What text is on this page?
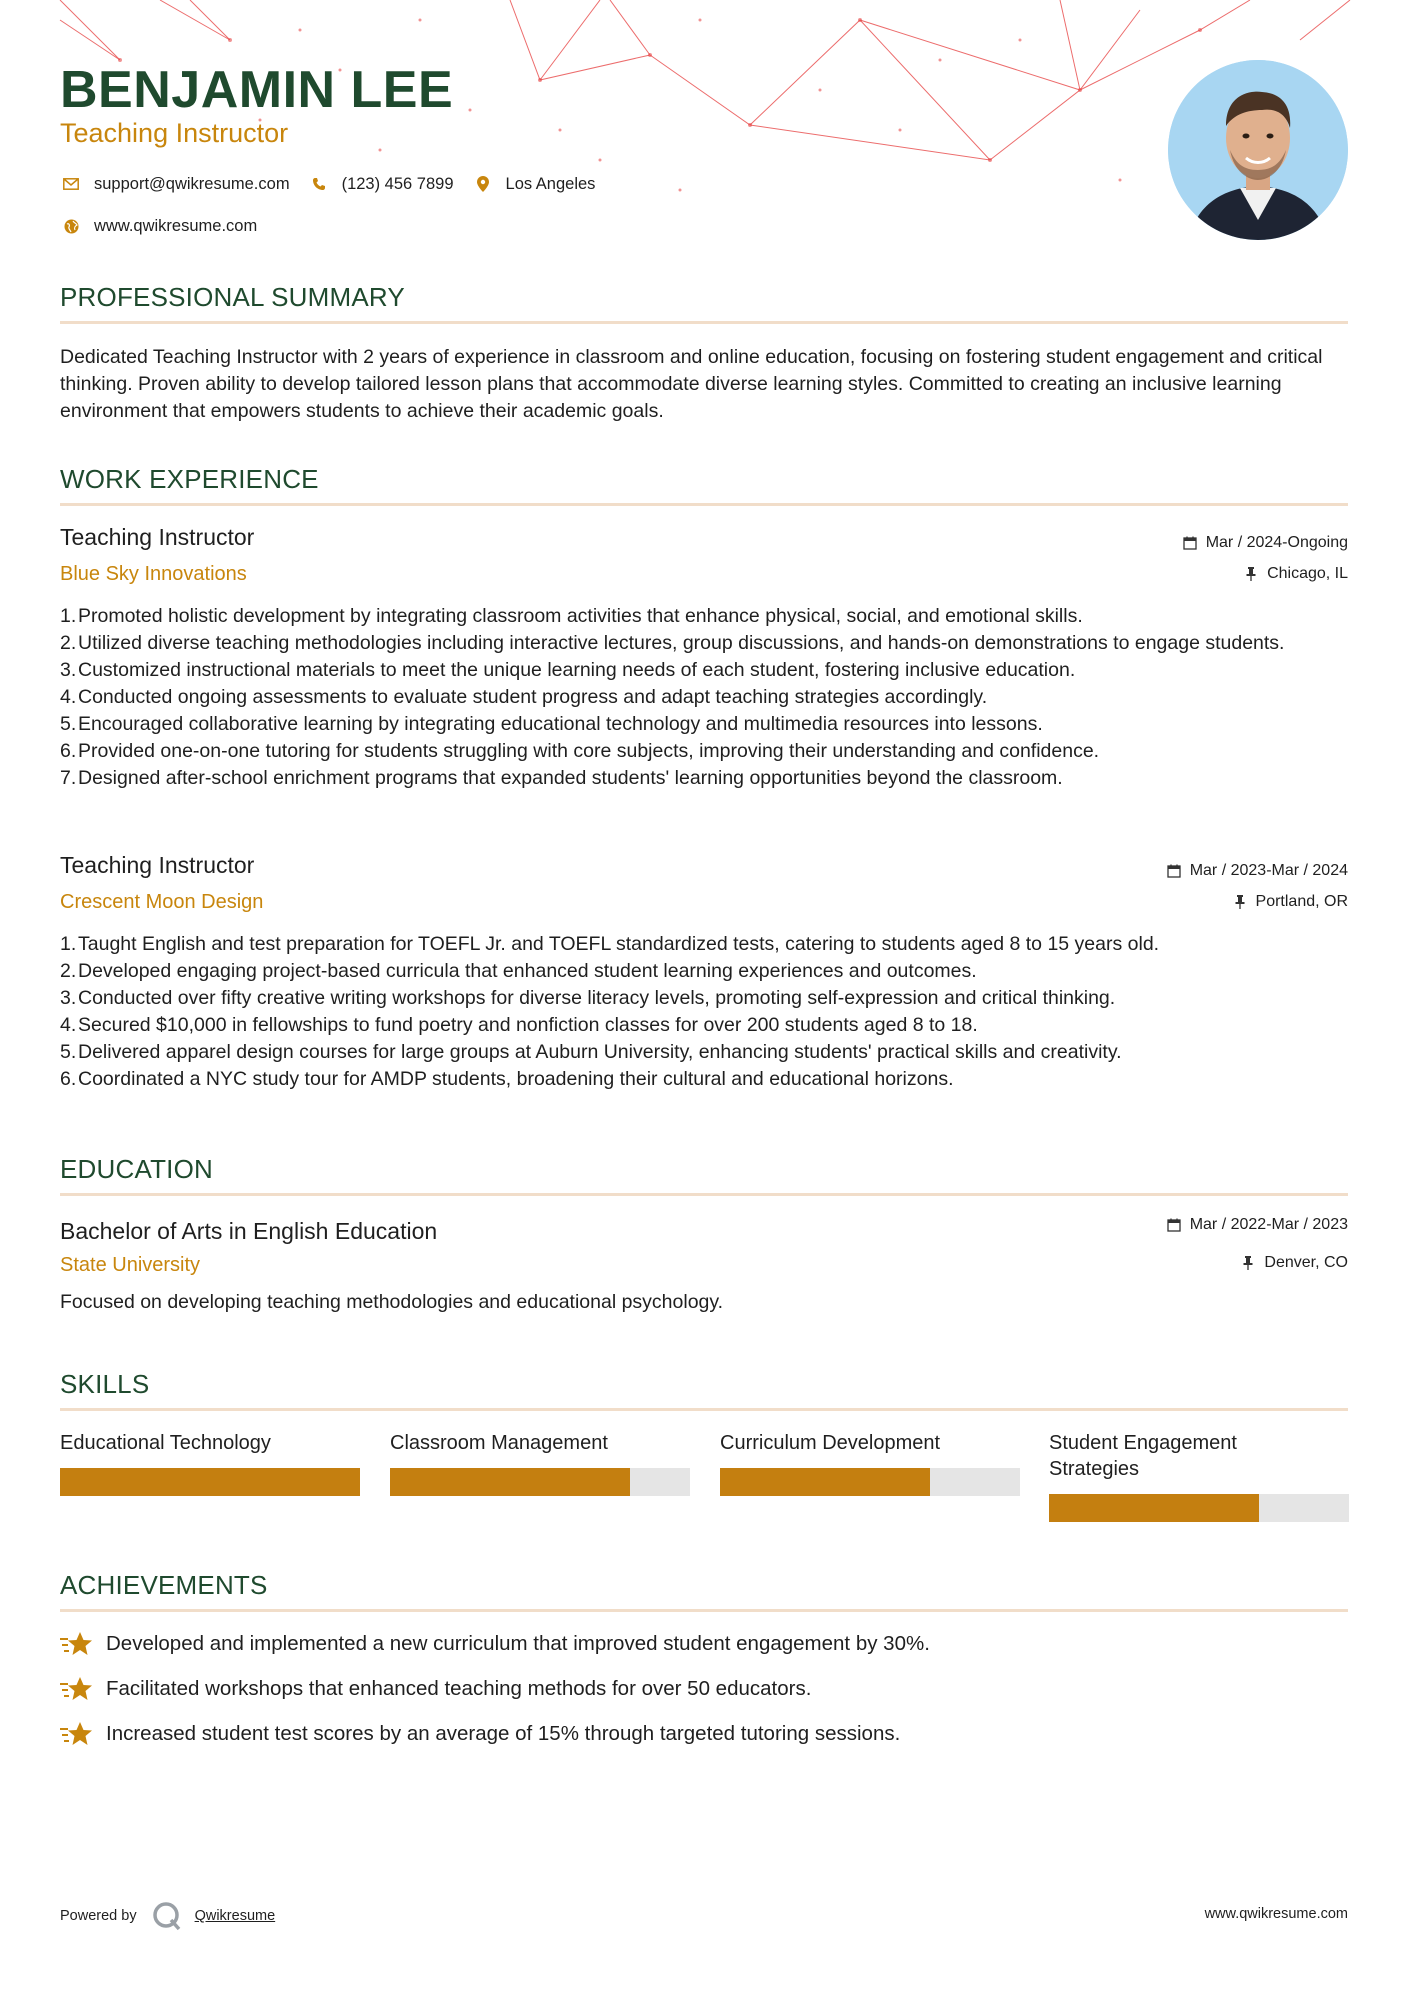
BENJAMIN LEE
Teaching Instructor
support@qwikresume.com	(123) 456 7899	Los Angeles
www.qwikresume.com
PROFESSIONAL SUMMARY
Dedicated Teaching Instructor with 2 years of experience in classroom and online education, focusing on fostering student engagement and critical thinking. Proven ability to develop tailored lesson plans that accommodate diverse learning styles. Committed to creating an inclusive learning environment that empowers students to achieve their academic goals.
WORK EXPERIENCE
Teaching Instructor
Blue Sky Innovations
Mar / 2024-Ongoing
Chicago, IL
1. Promoted holistic development by integrating classroom activities that enhance physical, social, and emotional skills.
2. Utilized diverse teaching methodologies including interactive lectures, group discussions, and hands-on demonstrations to engage students.
3. Customized instructional materials to meet the unique learning needs of each student, fostering inclusive education.
4. Conducted ongoing assessments to evaluate student progress and adapt teaching strategies accordingly.
5. Encouraged collaborative learning by integrating educational technology and multimedia resources into lessons.
6. Provided one-on-one tutoring for students struggling with core subjects, improving their understanding and confidence.
7. Designed after-school enrichment programs that expanded students' learning opportunities beyond the classroom.
Teaching Instructor
Crescent Moon Design
Mar / 2023-Mar / 2024
Portland, OR
1. Taught English and test preparation for TOEFL Jr. and TOEFL standardized tests, catering to students aged 8 to 15 years old.
2. Developed engaging project-based curricula that enhanced student learning experiences and outcomes.
3. Conducted over fifty creative writing workshops for diverse literacy levels, promoting self-expression and critical thinking.
4. Secured $10,000 in fellowships to fund poetry and nonfiction classes for over 200 students aged 8 to 18.
5. Delivered apparel design courses for large groups at Auburn University, enhancing students' practical skills and creativity.
6. Coordinated a NYC study tour for AMDP students, broadening their cultural and educational horizons.
EDUCATION
Bachelor of Arts in English Education
State University
Mar / 2022-Mar / 2023
Denver, CO
Focused on developing teaching methodologies and educational psychology.
SKILLS
Educational Technology	Classroom Management	Curriculum Development	Student Engagement Strategies
ACHIEVEMENTS
Developed and implemented a new curriculum that improved student engagement by 30%.
Facilitated workshops that enhanced teaching methods for over 50 educators.
Increased student test scores by an average of 15% through targeted tutoring sessions.
Powered by	Qwikresume	www.qwikresume.com
